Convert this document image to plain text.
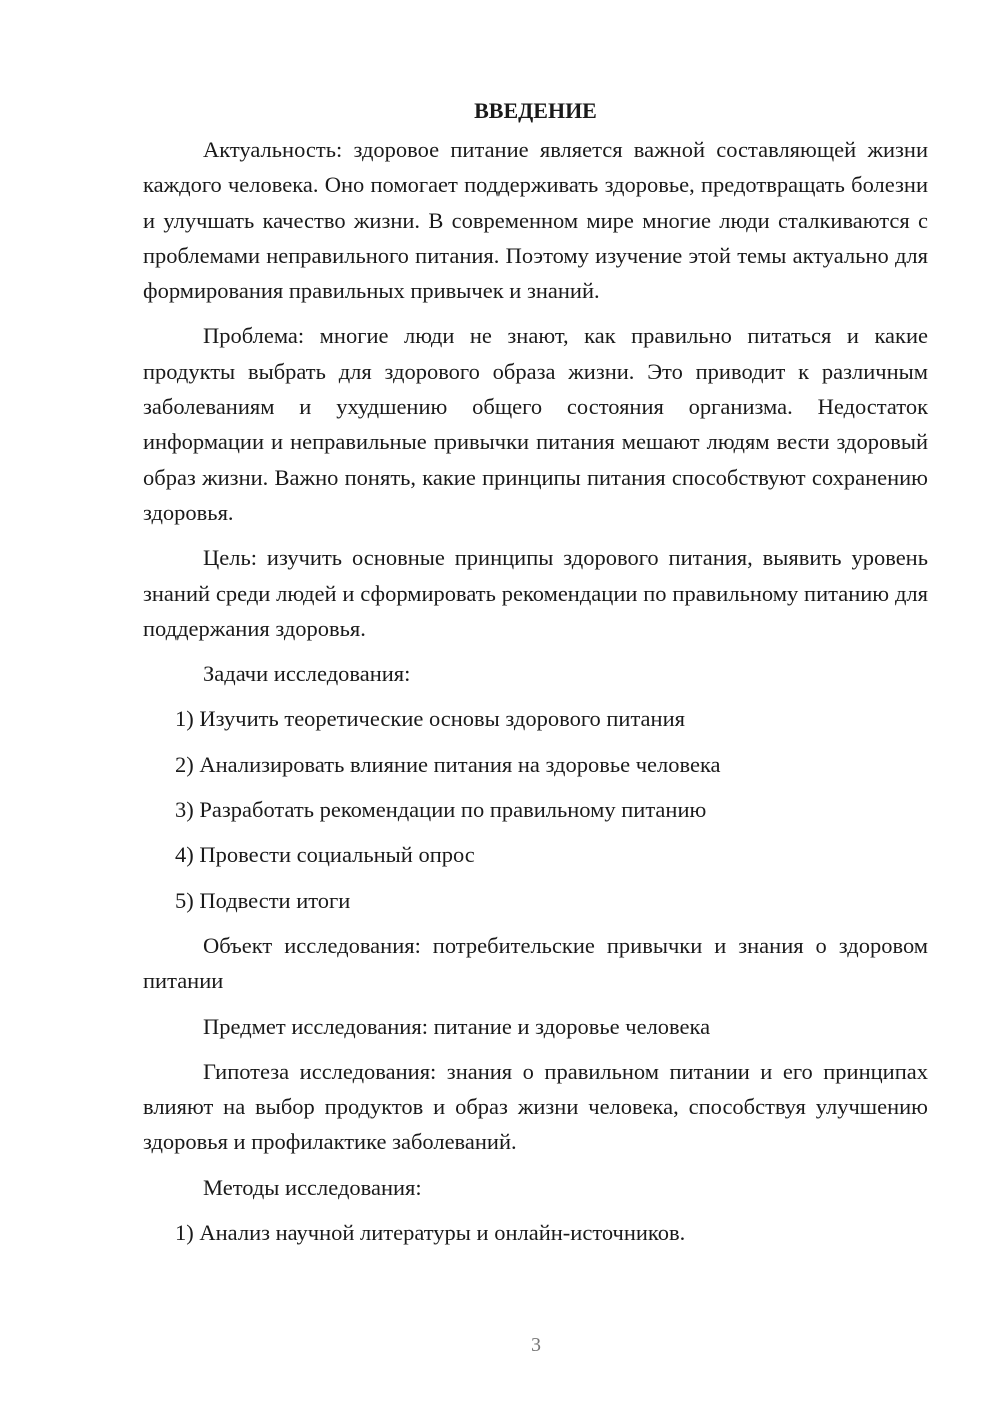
ВВЕДЕНИЕ

Актуальность: здоровое питание является важной составляющей жизни каждого человека. Оно помогает поддерживать здоровье, предотвращать болезни и улучшать качество жизни. В современном мире многие люди сталкиваются с проблемами неправильного питания. Поэтому изучение этой темы актуально для формирования правильных привычек и знаний.

Проблема: многие люди не знают, как правильно питаться и какие продукты выбрать для здорового образа жизни. Это приводит к различным заболеваниям и ухудшению общего состояния организма. Недостаток информации и неправильные привычки питания мешают людям вести здоровый образ жизни. Важно понять, какие принципы питания способствуют сохранению здоровья.

Цель: изучить основные принципы здорового питания, выявить уровень знаний среди людей и сформировать рекомендации по правильному питанию для поддержания здоровья.

Задачи исследования:
1) Изучить теоретические основы здорового питания
2) Анализировать влияние питания на здоровье человека
3) Разработать рекомендации по правильному питанию
4) Провести социальный опрос
5) Подвести итоги

Объект исследования: потребительские привычки и знания о здоровом питании

Предмет исследования: питание и здоровье человека

Гипотеза исследования: знания о правильном питании и его принципах влияют на выбор продуктов и образ жизни человека, способствуя улучшению здоровья и профилактике заболеваний.

Методы исследования:
1) Анализ научной литературы и онлайн-источников.
3
